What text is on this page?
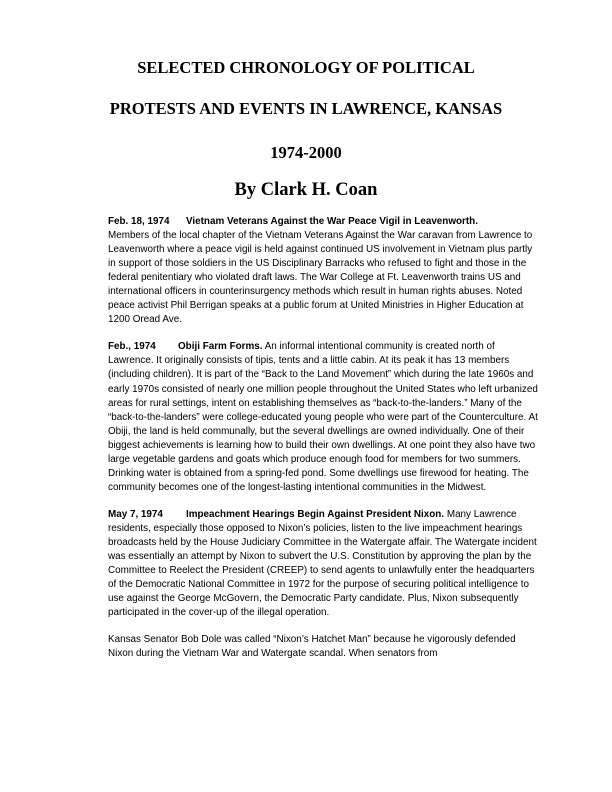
SELECTED CHRONOLOGY OF POLITICAL
PROTESTS AND EVENTS IN LAWRENCE, KANSAS
1974-2000
By Clark H. Coan

Feb. 18, 1974 Vietnam Veterans Against the War Peace Vigil in Leavenworth.
Members of the local chapter of the Vietnam Veterans Against the War caravan from Lawrence to Leavenworth where a peace vigil is held against continued US involvement in Vietnam plus partly in support of those soldiers in the US Disciplinary Barracks who refused to fight and those in the federal penitentiary who violated draft laws. The War College at Ft. Leavenworth trains US and international officers in counterinsurgency methods which result in human rights abuses. Noted peace activist Phil Berrigan speaks at a public forum at United Ministries in Higher Education at 1200 Oread Ave.

Feb., 1974 Obiji Farm Forms. An informal intentional community is created north of Lawrence. It originally consists of tipis, tents and a little cabin. At its peak it has 13 members (including children). It is part of the “Back to the Land Movement” which during the late 1960s and early 1970s consisted of nearly one million people throughout the United States who left urbanized areas for rural settings, intent on establishing themselves as “back-to-the-landers.” Many of the “back-to-the-landers” were college-educated young people who were part of the Counterculture. At Obiji, the land is held communally, but the several dwellings are owned individually. One of their biggest achievements is learning how to build their own dwellings. At one point they also have two large vegetable gardens and goats which produce enough food for members for two summers. Drinking water is obtained from a spring-fed pond. Some dwellings use firewood for heating. The community becomes one of the longest-lasting intentional communities in the Midwest.

May 7, 1974 Impeachment Hearings Begin Against President Nixon. Many Lawrence residents, especially those opposed to Nixon’s policies, listen to the live impeachment hearings broadcasts held by the House Judiciary Committee in the Watergate affair. The Watergate incident was essentially an attempt by Nixon to subvert the U.S. Constitution by approving the plan by the Committee to Reelect the President (CREEP) to send agents to unlawfully enter the headquarters of the Democratic National Committee in 1972 for the purpose of securing political intelligence to use against the George McGovern, the Democratic Party candidate. Plus, Nixon subsequently participated in the cover-up of the illegal operation.

Kansas Senator Bob Dole was called “Nixon’s Hatchet Man” because he vigorously defended Nixon during the Vietnam War and Watergate scandal. When senators from
